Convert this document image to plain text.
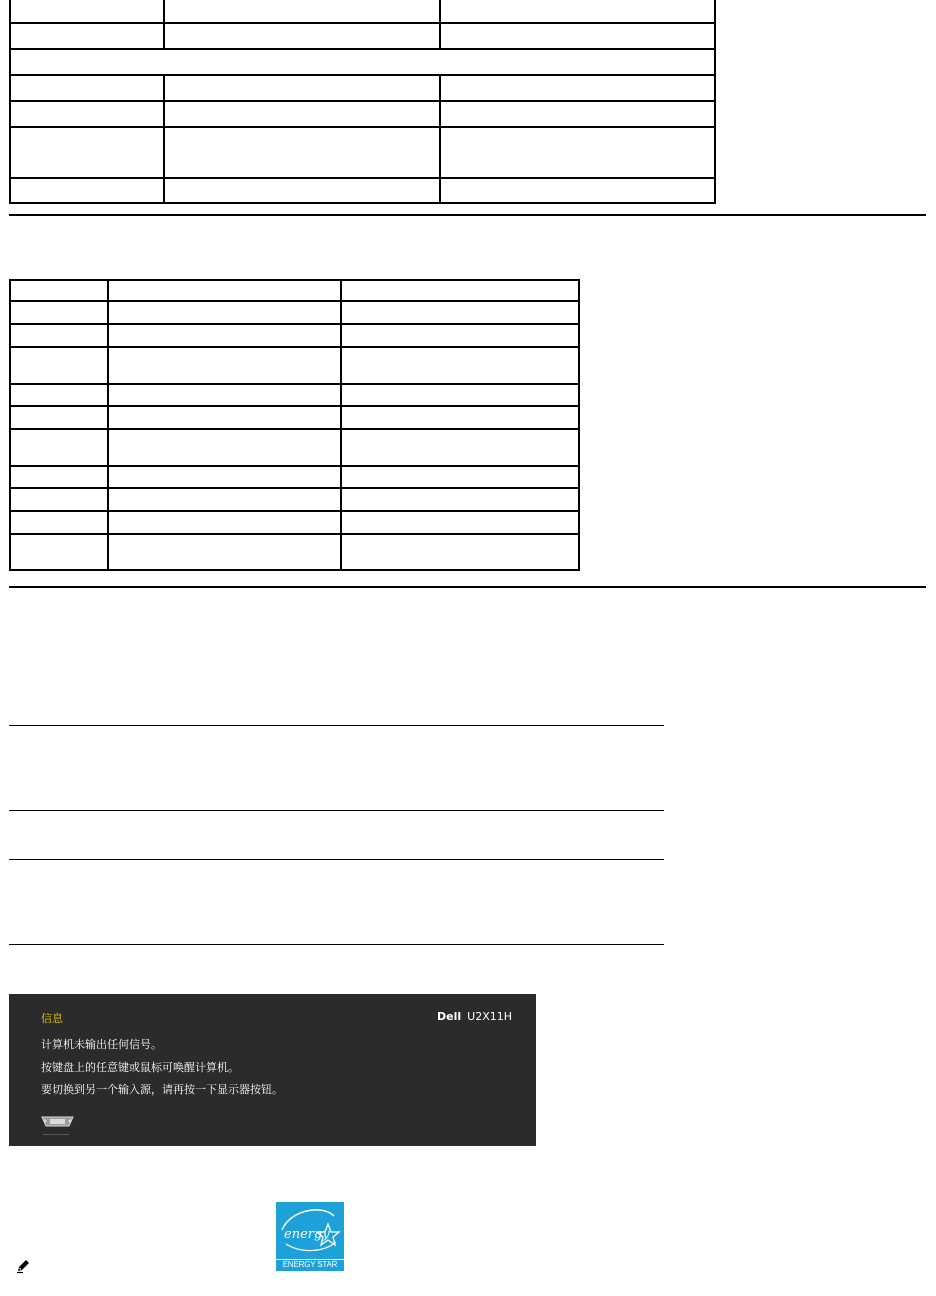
信息	Dell U2X11H
计算机未输出任何信号。
按键盘上的任意键或鼠标可唤醒计算机。
要切换到另一个输入源，请再按一下显示器按钮。
energy
ENERGY STAR
